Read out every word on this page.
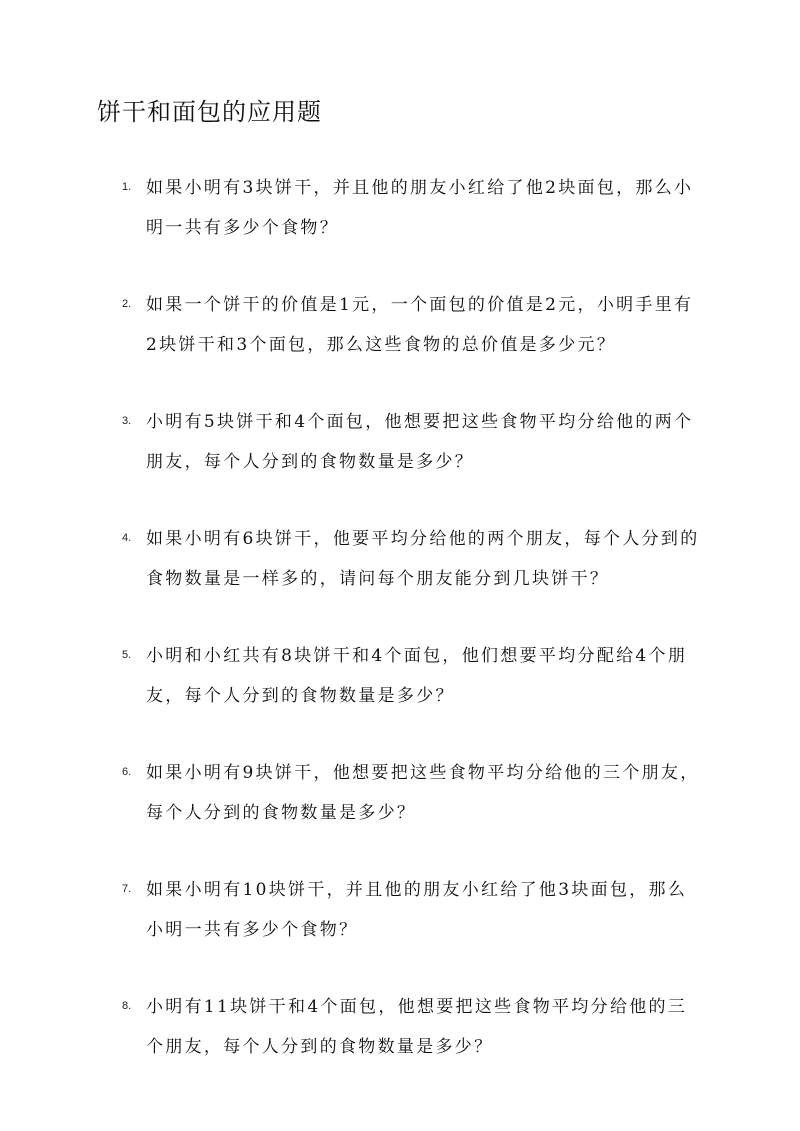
饼干和面包的应用题
1. 如果小明有3块饼干，并且他的朋友小红给了他2块面包，那么小明一共有多少个食物？

2. 如果一个饼干的价值是1元，一个面包的价值是2元，小明手里有2块饼干和3个面包，那么这些食物的总价值是多少元？

3. 小明有5块饼干和4个面包，他想要把这些食物平均分给他的两个朋友，每个人分到的食物数量是多少？

4. 如果小明有6块饼干，他要平均分给他的两个朋友，每个人分到的食物数量是一样多的，请问每个朋友能分到几块饼干？

5. 小明和小红共有8块饼干和4个面包，他们想要平均分配给4个朋友，每个人分到的食物数量是多少？

6. 如果小明有9块饼干，他想要把这些食物平均分给他的三个朋友，每个人分到的食物数量是多少？

7. 如果小明有10块饼干，并且他的朋友小红给了他3块面包，那么小明一共有多少个食物？

8. 小明有11块饼干和4个面包，他想要把这些食物平均分给他的三个朋友，每个人分到的食物数量是多少？
